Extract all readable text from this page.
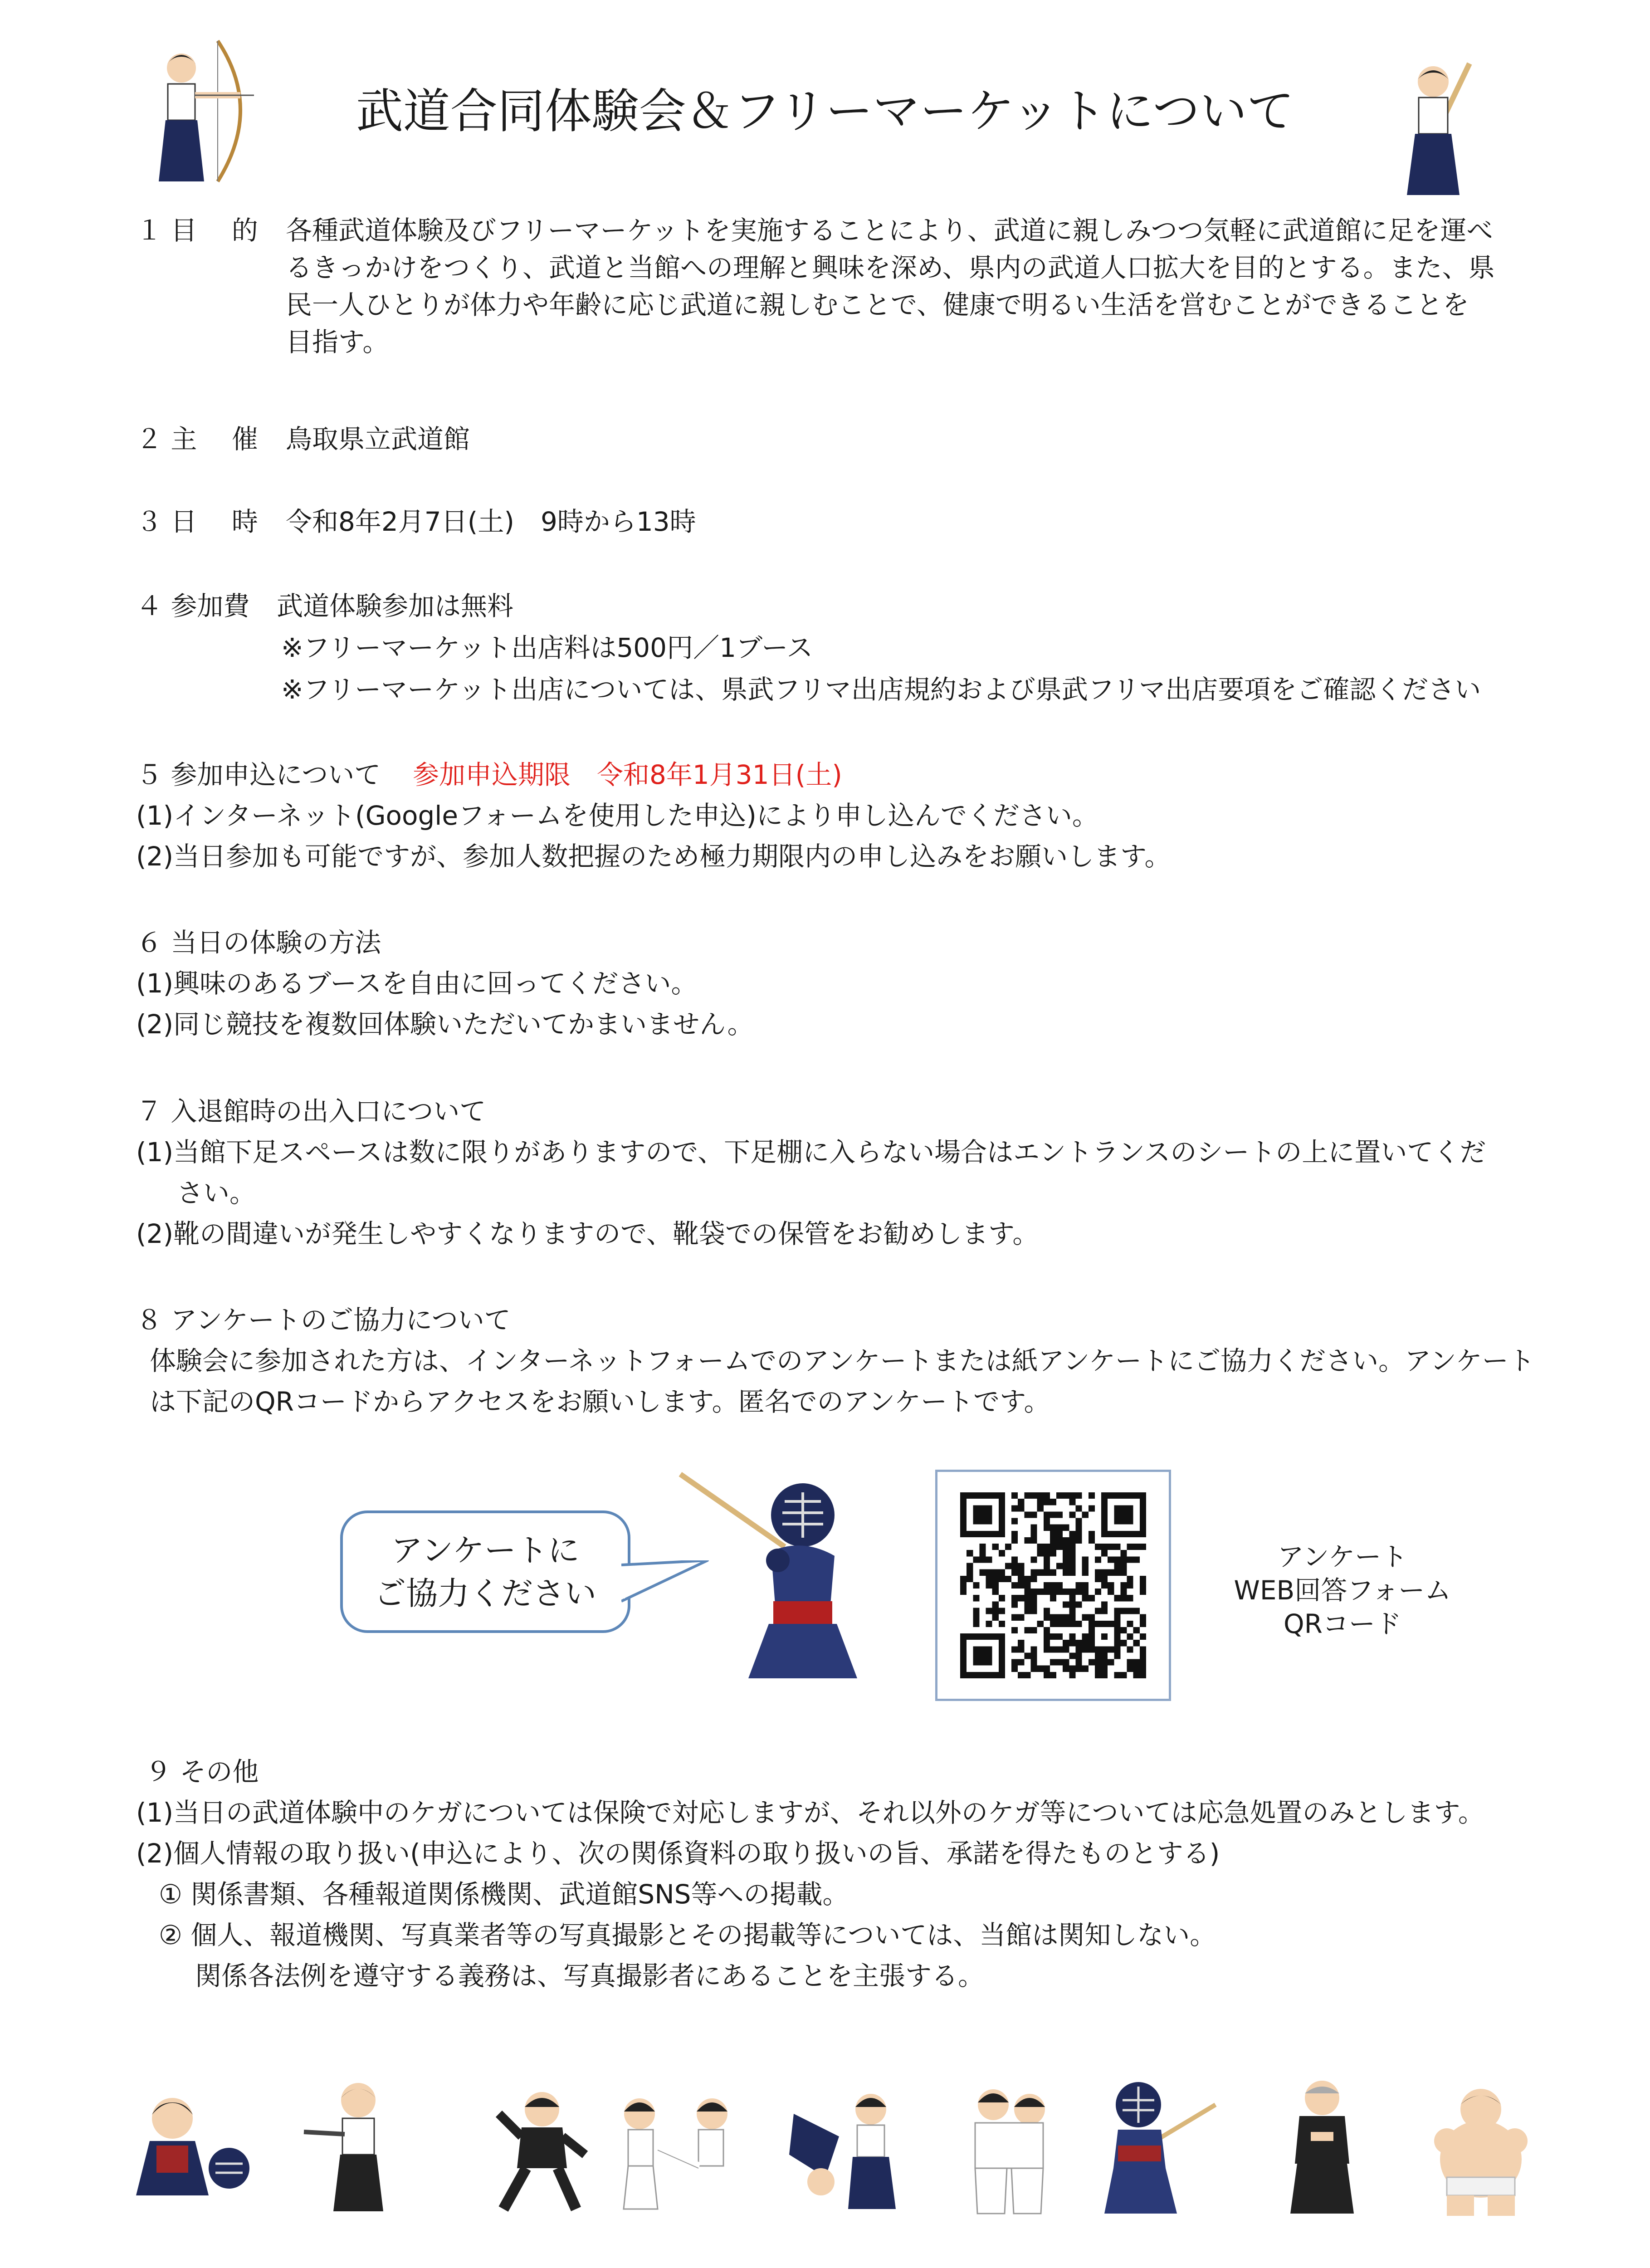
武道合同体験会＆フリーマーケットについて
１ 目　 的 各種武道体験及びフリーマーケットを実施することにより、武道に親しみつつ気軽に武道館に足を運べ
るきっかけをつくり、武道と当館への理解と興味を深め、県内の武道人口拡大を目的とする。また、県
民一人ひとりが体力や年齢に応じ武道に親しむことで、健康で明るい生活を営むことができることを
目指す。
２ 主　 催 鳥取県立武道館
３ 日　 時 令和8年2月7日(土)　9時から13時
４ 参加費 武道体験参加は無料
※フリーマーケット出店料は500円／1ブース
※フリーマーケット出店については、県武フリマ出店規約および県武フリマ出店要項をご確認ください
５ 参加申込について 参加申込期限　令和8年1月31日(土)
(1)インターネット(Googleフォームを使用した申込)により申し込んでください。
(2)当日参加も可能ですが、参加人数把握のため極力期限内の申し込みをお願いします。
６ 当日の体験の方法
(1)興味のあるブースを自由に回ってください。
(2)同じ競技を複数回体験いただいてかまいません。
７ 入退館時の出入口について
(1)当館下足スペースは数に限りがありますので、下足棚に入らない場合はエントランスのシートの上に置いてくだ
さい。
(2)靴の間違いが発生しやすくなりますので、靴袋での保管をお勧めします。
８ アンケートのご協力について
体験会に参加された方は、インターネットフォームでのアンケートまたは紙アンケートにご協力ください。アンケート
は下記のQRコードからアクセスをお願いします。匿名でのアンケートです。
アンケートに
ご協力ください
アンケート
WEB回答フォーム
QRコード
９ その他
(1)当日の武道体験中のケガについては保険で対応しますが、それ以外のケガ等については応急処置のみとします。
(2)個人情報の取り扱い(申込により、次の関係資料の取り扱いの旨、承諾を得たものとする)
① 関係書類、各種報道関係機関、武道館SNS等への掲載。
② 個人、報道機関、写真業者等の写真撮影とその掲載等については、当館は関知しない。
関係各法例を遵守する義務は、写真撮影者にあることを主張する。
